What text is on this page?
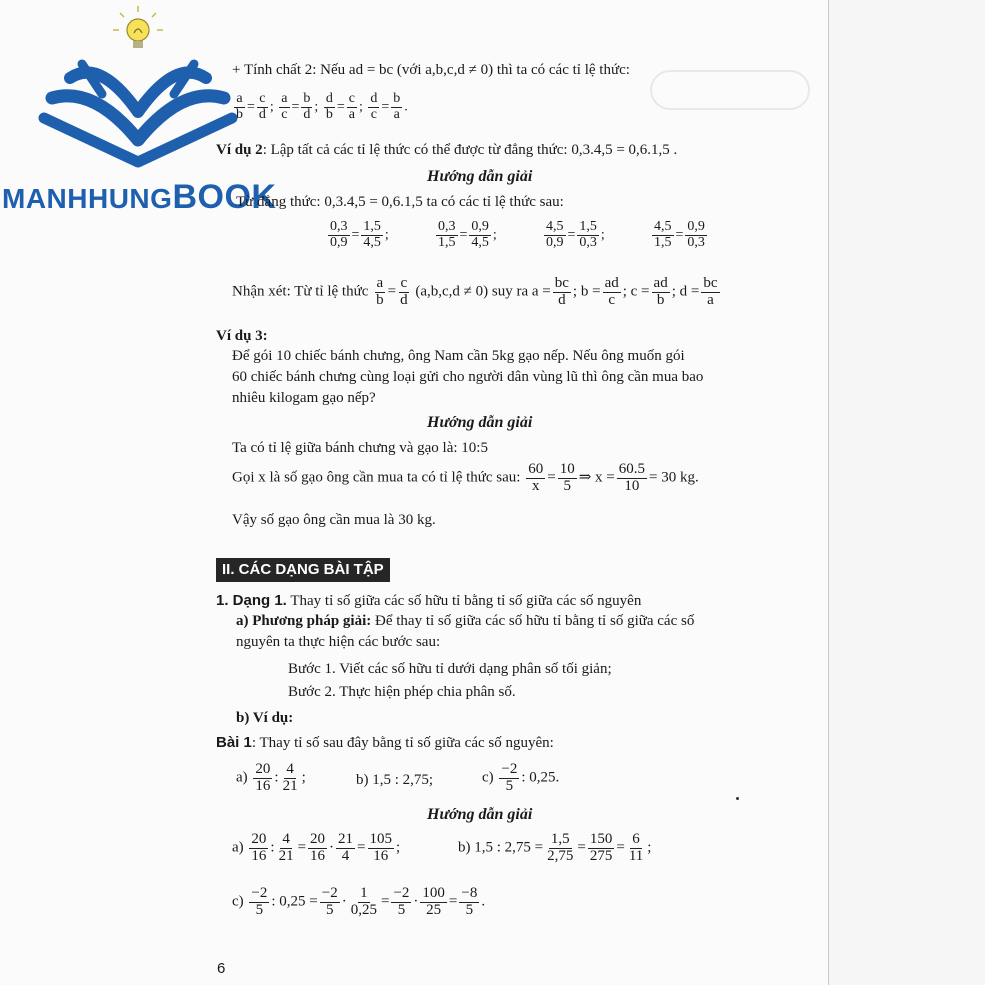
MANHHUNGBOOK
+ Tính chất 2: Nếu ad = bc (với a,b,c,d ≠ 0) thì ta có các tỉ lệ thức:
$\frac{a}{b} = \frac{c}{d}$ ; $\frac{a}{c} = \frac{b}{d}$ ; $\frac{d}{b} = \frac{c}{a}$ ; $\frac{d}{c} = \frac{b}{a}$ .
Ví dụ 2: Lập tất cả các tỉ lệ thức có thể được từ đẳng thức: 0,3.4,5 = 0,6.1,5 .
Hướng dẫn giải
Từ đẳng thức: 0,3.4,5 = 0,6.1,5 ta có các tỉ lệ thức sau:
$\frac{0,3}{0,9} = \frac{1,5}{4,5}$ ;	$\frac{0,3}{1,5} = \frac{0,9}{4,5}$ ;	$\frac{4,5}{0,9} = \frac{1,5}{0,3}$ ;	$\frac{4,5}{1,5} = \frac{0,9}{0,3}$
Nhận xét: Từ tỉ lệ thức $\frac{a}{b} = \frac{c}{d} (a,b,c,d \ne 0)$ suy ra $a = \frac{bc}{d}$ ; $b = \frac{ad}{c}$ ; $c = \frac{ad}{b}$ ; $d = \frac{bc}{a}$
Ví dụ 3:
Để gói 10 chiếc bánh chưng, ông Nam cần 5kg gạo nếp. Nếu ông muốn gói
60 chiếc bánh chưng cùng loại gửi cho người dân vùng lũ thì ông cần mua bao
nhiêu kilogam gạo nếp?
Hướng dẫn giải
Ta có tỉ lệ giữa bánh chưng và gạo là: 10:5
Gọi x là số gạo ông cần mua ta có tỉ lệ thức sau: $\frac{60}{x} = \frac{10}{5}$ ⇒ $x = \frac{60.5}{10} = 30$ kg.
Vậy số gạo ông cần mua là 30 kg.
II. CÁC DẠNG BÀI TẬP
1. Dạng 1. Thay tỉ số giữa các số hữu tỉ bằng tỉ số giữa các số nguyên
a) Phương pháp giải: Để thay tỉ số giữa các số hữu tỉ bằng tỉ số giữa các số
nguyên ta thực hiện các bước sau:
Bước 1. Viết các số hữu tỉ dưới dạng phân số tối giản;
Bước 2. Thực hiện phép chia phân số.
b) Ví dụ:
Bài 1: Thay tỉ số sau đây bằng tỉ số giữa các số nguyên:
$a) \frac{20}{16}$ : $\frac{4}{21}$ ;	b) 1,5 : 2,75;	$c) \frac{-2}{5}$ : 0,25.
Hướng dẫn giải
$a) \frac{20}{16}$ : $\frac{4}{21} = \frac{20}{16} \cdot \frac{21}{4} = \frac{105}{16}$ ;	b) 1,5 : $2,75 = \frac{1,5}{2,75} = \frac{150}{275} = \frac{6}{11}$ ;
$c) \frac{-2}{5}$ : $0,25 = \frac{-2}{5} \cdot \frac{1}{0,25} = \frac{-2}{5} \cdot \frac{100}{25} = \frac{-8}{5}$ .
6
